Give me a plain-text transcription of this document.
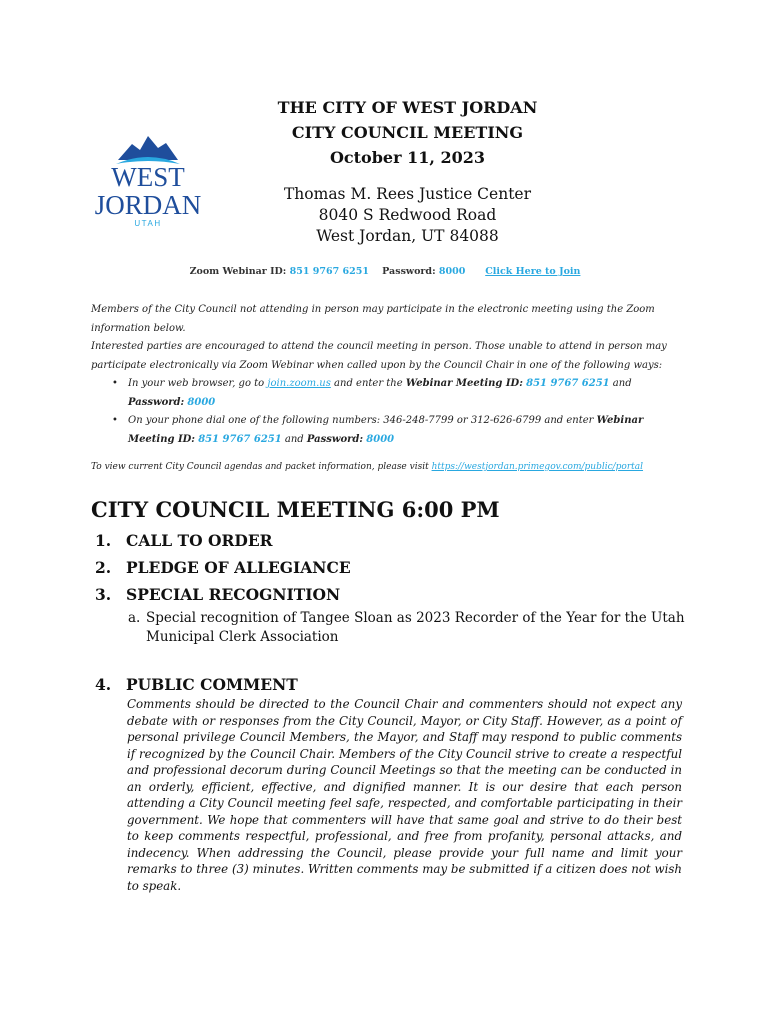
WEST
JORDAN
UTAH
THE CITY OF WEST JORDAN
CITY COUNCIL MEETING
October 11, 2023
Thomas M. Rees Justice Center
8040 S Redwood Road
West Jordan, UT 84088
Zoom Webinar ID: 851 9767 6251 Password: 8000 Click Here to Join

Members of the City Council not attending in person may participate in the electronic meeting using the Zoom information below.

Interested parties are encouraged to attend the council meeting in person. Those unable to attend in person may participate electronically via Zoom Webinar when called upon by the Council Chair in one of the following ways:

• In your web browser, go to join.zoom.us and enter the Webinar Meeting ID: 851 9767 6251 and Password: 8000
• On your phone dial one of the following numbers: 346-248-7799 or 312-626-6799 and enter Webinar Meeting ID: 851 9767 6251 and Password: 8000
To view current City Council agendas and packet information, please visit https://westjordan.primegov.com/public/portal
CITY COUNCIL MEETING 6:00 PM
1. CALL TO ORDER
2. PLEDGE OF ALLEGIANCE
3. SPECIAL RECOGNITION
a. Special recognition of Tangee Sloan as 2023 Recorder of the Year for the Utah Municipal Clerk Association
4. PUBLIC COMMENT
Comments should be directed to the Council Chair and commenters should not expect any debate with or responses from the City Council, Mayor, or City Staff. However, as a point of personal privilege Council Members, the Mayor, and Staff may respond to public comments if recognized by the Council Chair. Members of the City Council strive to create a respectful and professional decorum during Council Meetings so that the meeting can be conducted in an orderly, efficient, effective, and dignified manner. It is our desire that each person attending a City Council meeting feel safe, respected, and comfortable participating in their government. We hope that commenters will have that same goal and strive to do their best to keep comments respectful, professional, and free from profanity, personal attacks, and indecency. When addressing the Council, please provide your full name and limit your remarks to three (3) minutes. Written comments may be submitted if a citizen does not wish to speak.
